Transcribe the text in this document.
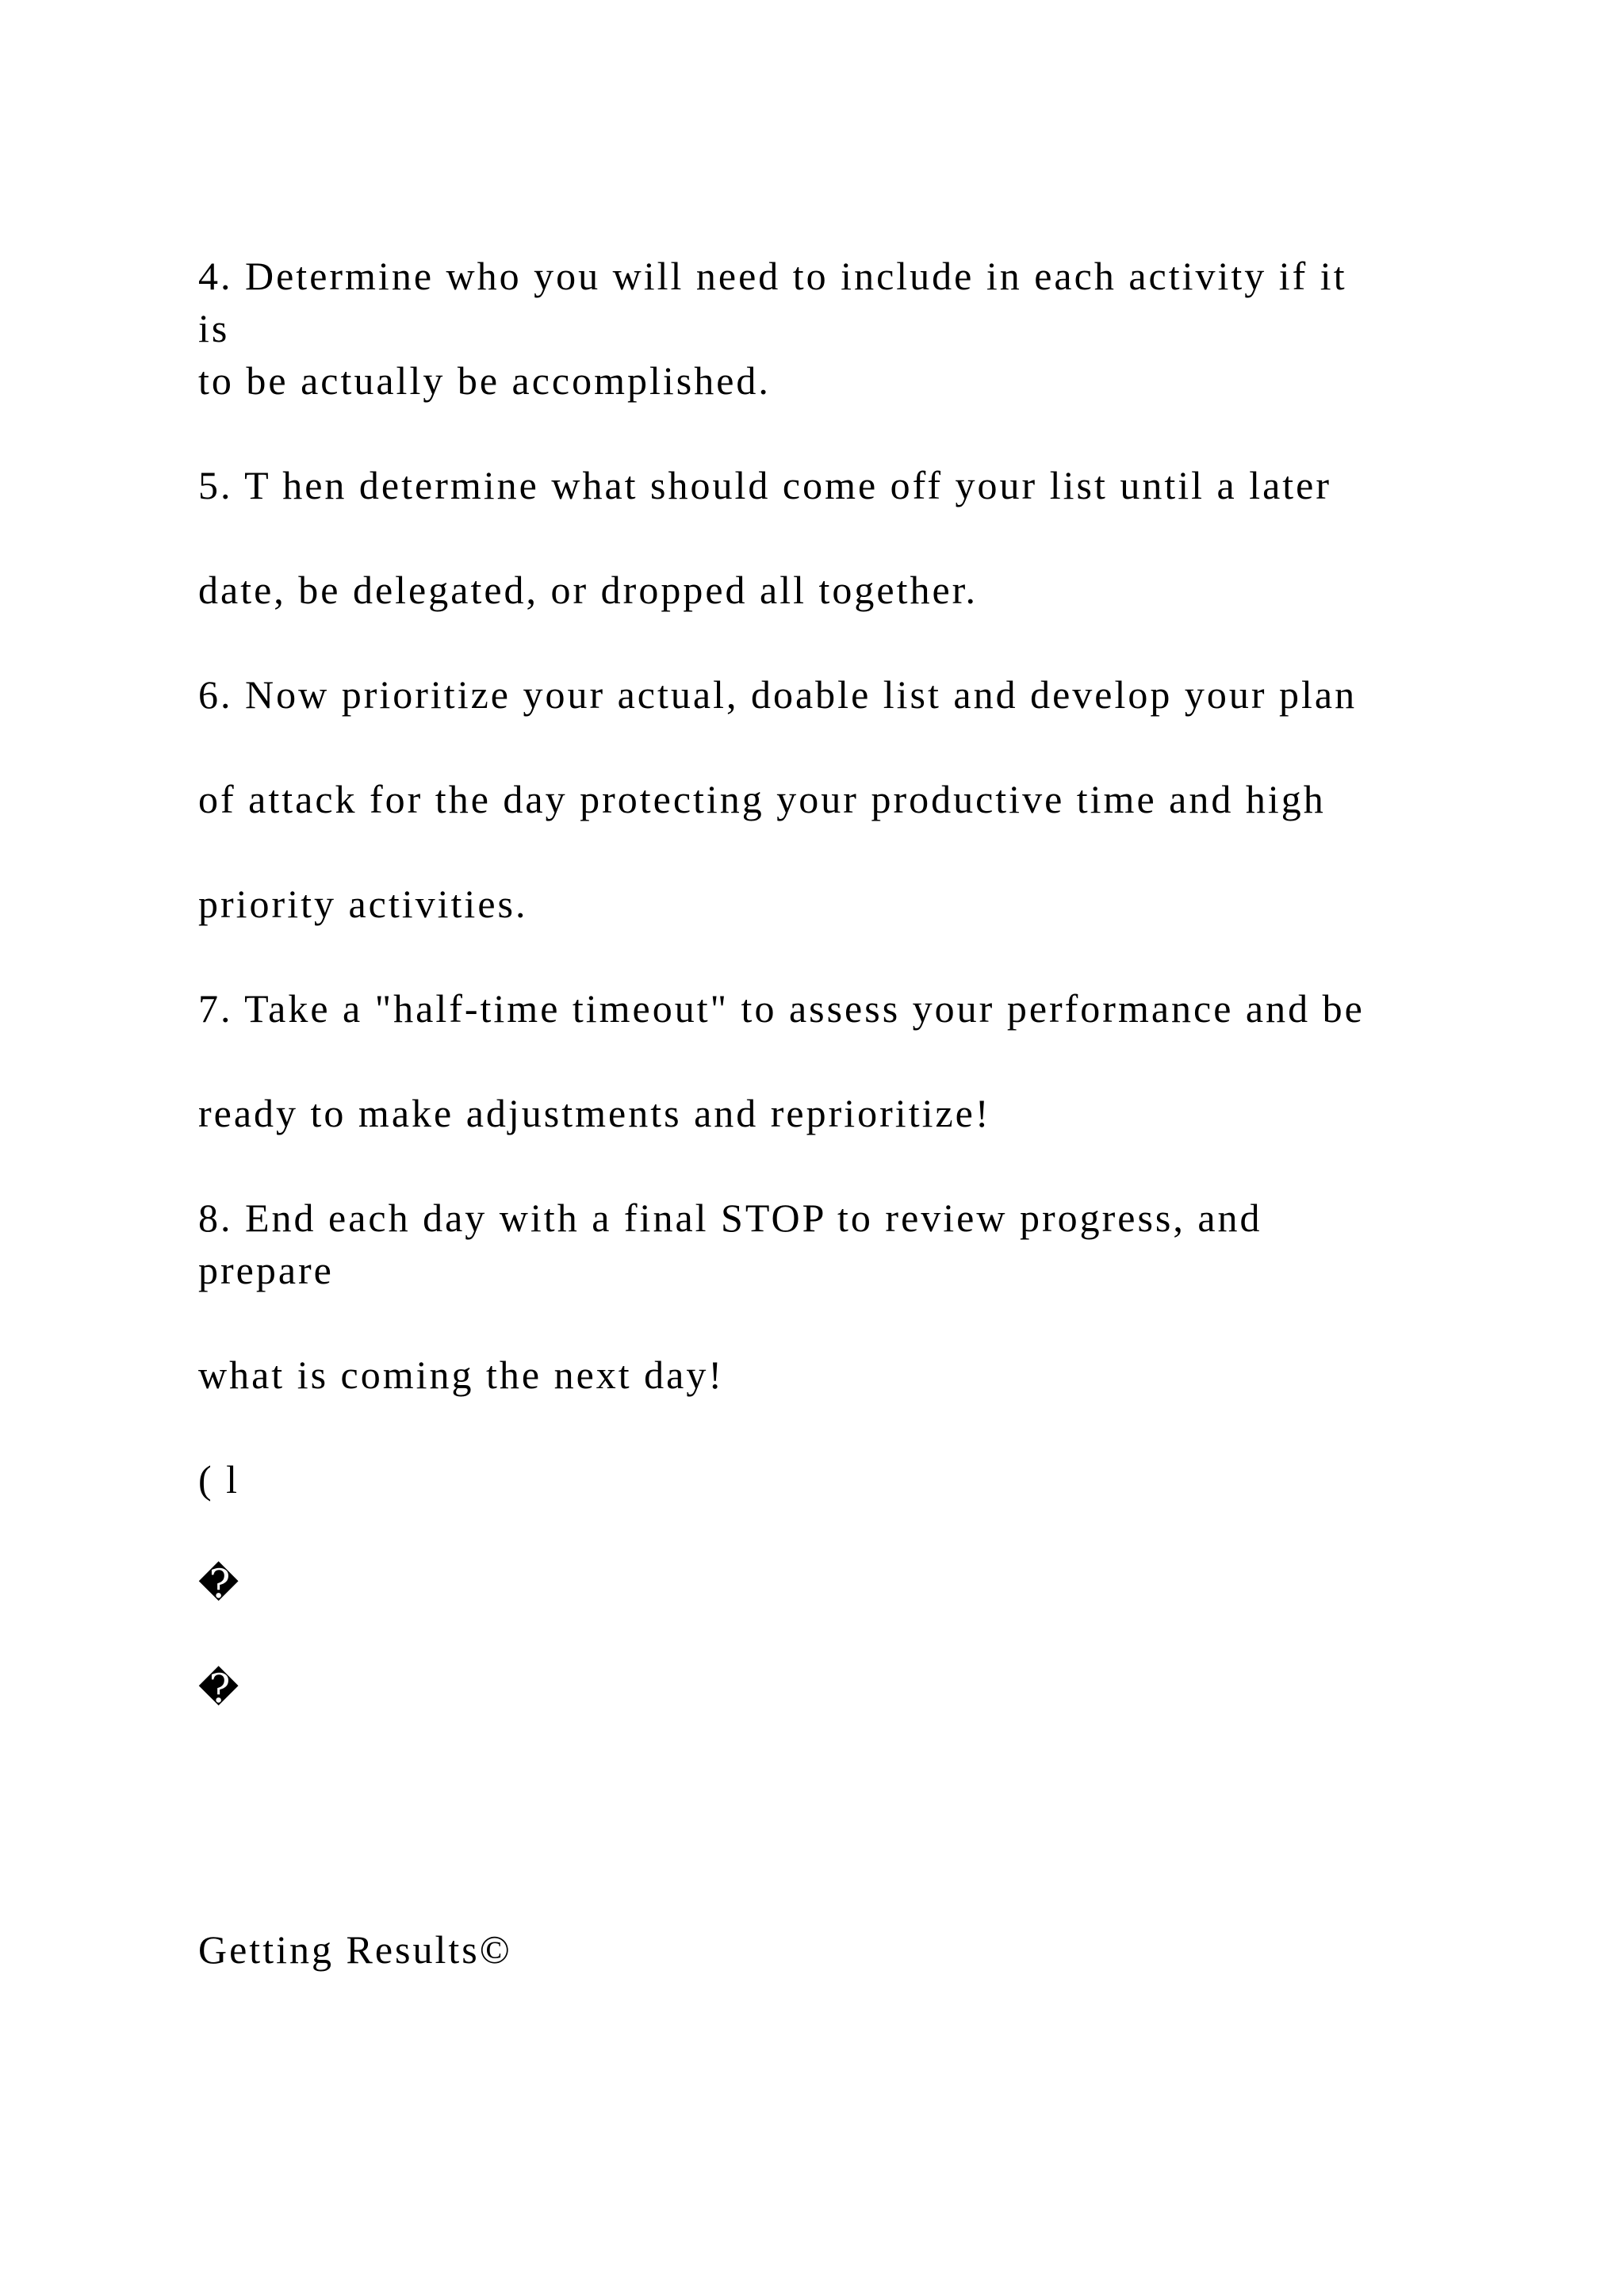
4. Determine who you will need to include in each activity if it
is
to be actually be accomplished.
5. T hen determine what should come off your list until a later
date, be delegated, or dropped all together.
6. Now prioritize your actual, doable list and develop your plan
of attack for the day protecting your productive time and high
priority activities.
7. Take a "half-time timeout" to assess your performance and be
ready to make adjustments and reprioritize!
8. End each day with a final STOP to review progress, and
prepare
what is coming the next day!
( l
�
�
Getting Results©
